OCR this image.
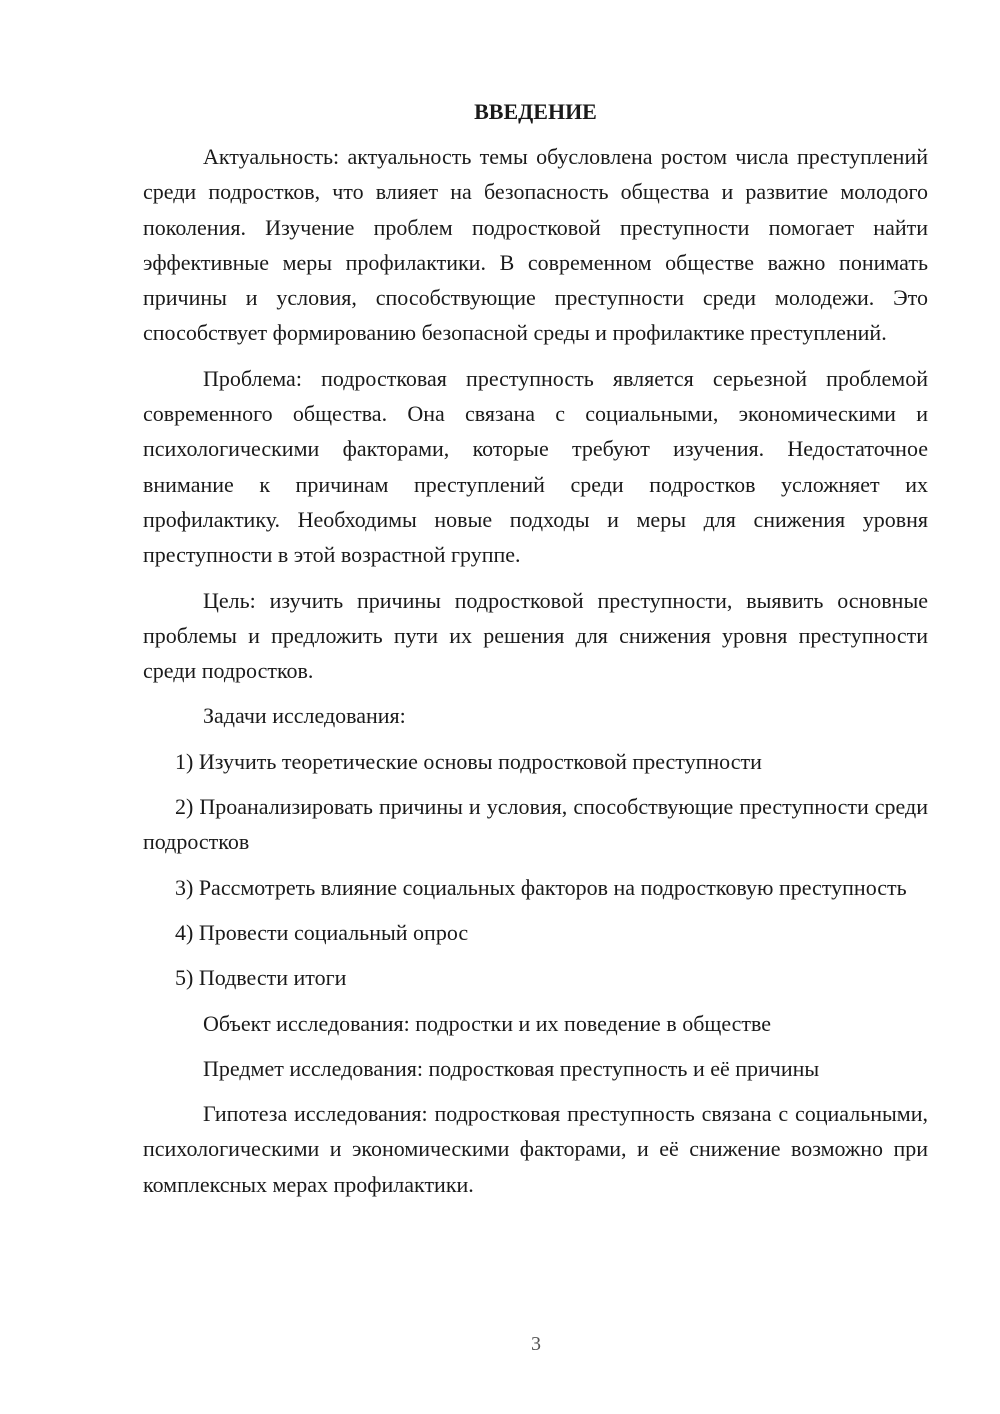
ВВЕДЕНИЕ

Актуальность: актуальность темы обусловлена ростом числа преступлений среди подростков, что влияет на безопасность общества и развитие молодого поколения. Изучение проблем подростковой преступности помогает найти эффективные меры профилактики. В современном обществе важно понимать причины и условия, способствующие преступности среди молодежи. Это способствует формированию безопасной среды и профилактике преступлений.

Проблема: подростковая преступность является серьезной проблемой современного общества. Она связана с социальными, экономическими и психологическими факторами, которые требуют изучения. Недостаточное внимание к причинам преступлений среди подростков усложняет их профилактику. Необходимы новые подходы и меры для снижения уровня преступности в этой возрастной группе.

Цель: изучить причины подростковой преступности, выявить основные проблемы и предложить пути их решения для снижения уровня преступности среди подростков.

Задачи исследования:

1) Изучить теоретические основы подростковой преступности

2) Проанализировать причины и условия, способствующие преступности среди подростков

3) Рассмотреть влияние социальных факторов на подростковую преступность

4) Провести социальный опрос

5) Подвести итоги

Объект исследования: подростки и их поведение в обществе

Предмет исследования: подростковая преступность и её причины

Гипотеза исследования: подростковая преступность связана с социальными, психологическими и экономическими факторами, и её снижение возможно при комплексных мерах профилактики.

3
